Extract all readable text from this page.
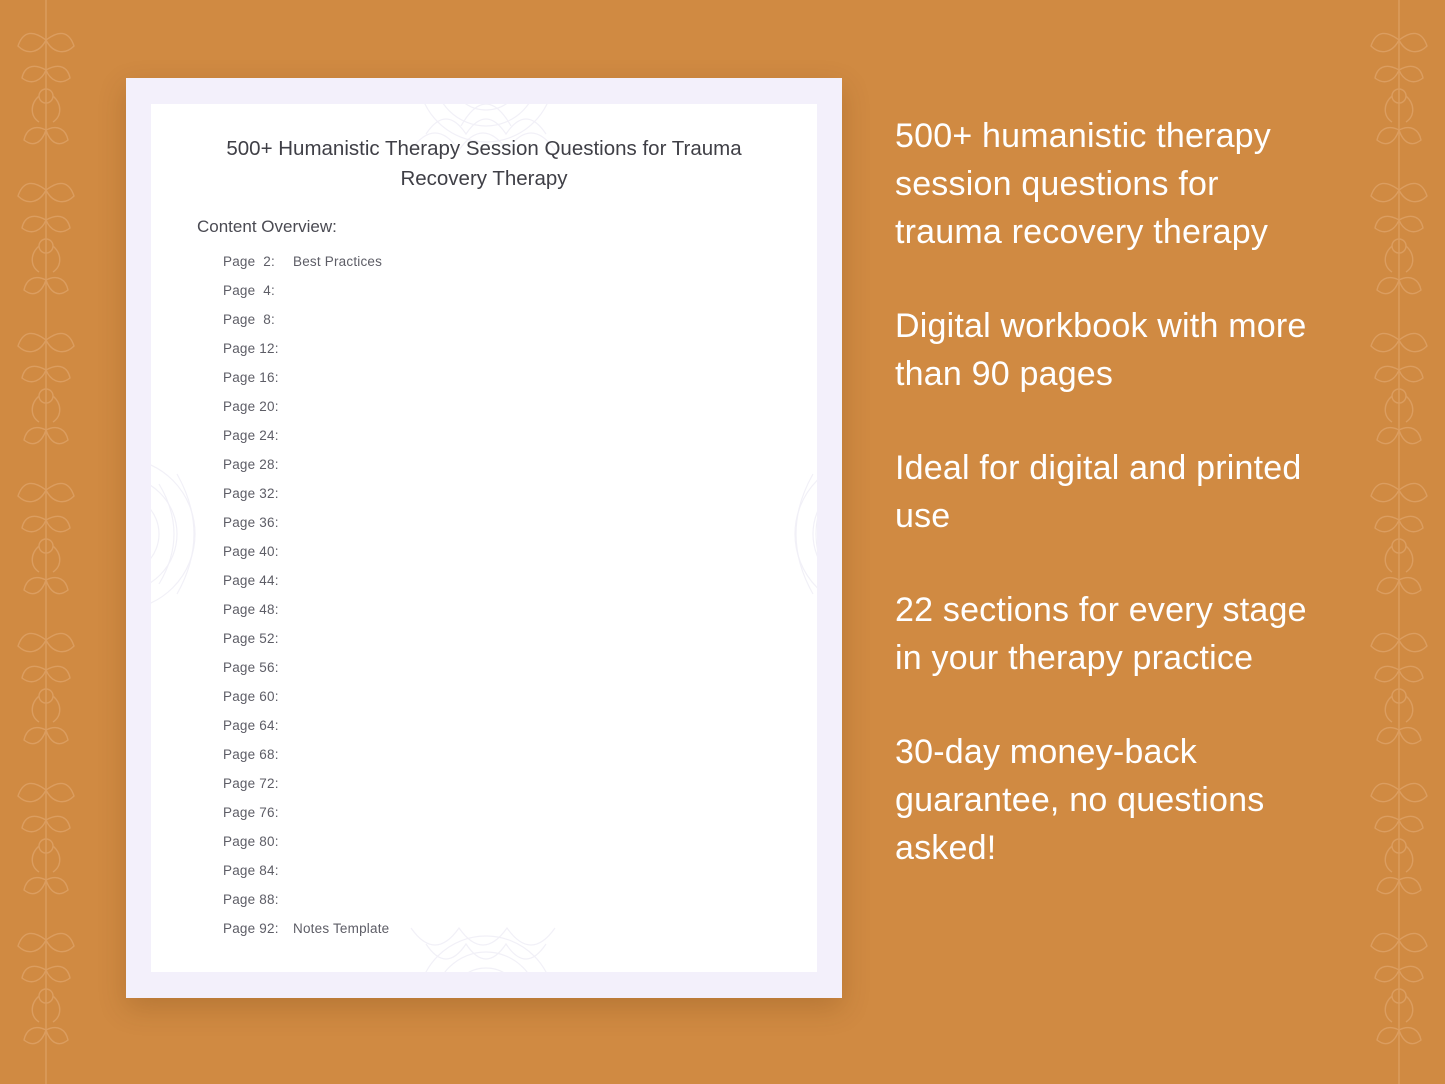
500+ Humanistic Therapy Session Questions for Trauma Recovery Therapy
Content Overview:
Page  2:	Best Practices
Page  4:
Page  8:
Page 12:
Page 16:
Page 20:
Page 24:
Page 28:
Page 32:
Page 36:
Page 40:
Page 44:
Page 48:
Page 52:
Page 56:
Page 60:
Page 64:
Page 68:
Page 72:
Page 76:
Page 80:
Page 84:
Page 88:
Page 92:	Notes Template

500+ humanistic therapy session questions for trauma recovery therapy

Digital workbook with more than 90 pages

Ideal for digital and printed use

22 sections for every stage in your therapy practice

30-day money-back guarantee, no questions asked!
